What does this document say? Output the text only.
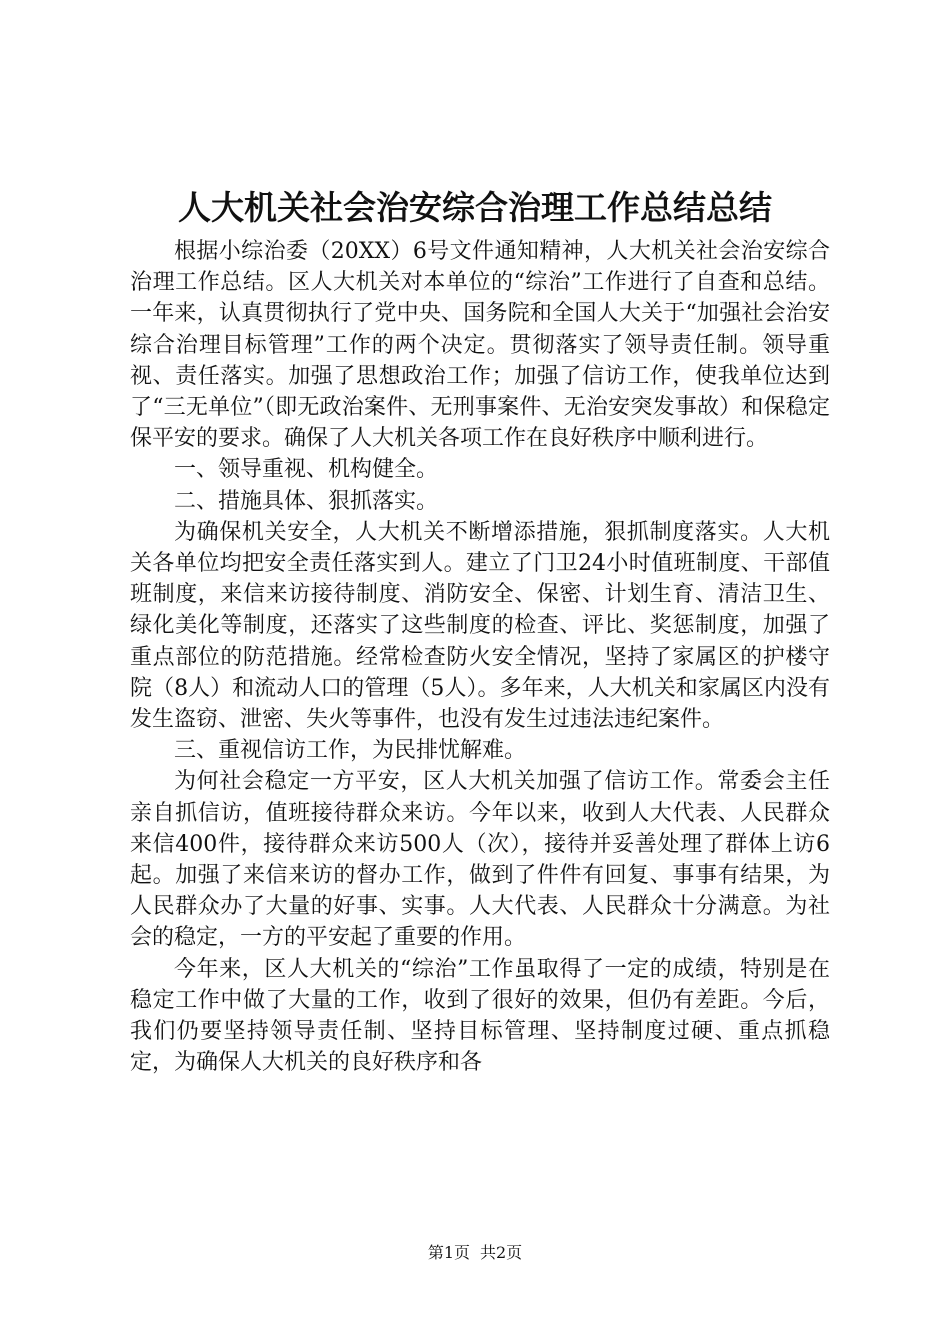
人大机关社会治安综合治理工作总结总结

根据小综治委（20XX）6号文件通知精神，人大机关社会治安综合治理工作总结。区人大机关对本单位的“综治”工作进行了自查和总结。一年来，认真贯彻执行了党中央、国务院和全国人大关于“加强社会治安综合治理目标管理”工作的两个决定。贯彻落实了领导责任制。领导重视、责任落实。加强了思想政治工作；加强了信访工作，使我单位达到了“三无单位”（即无政治案件、无刑事案件、无治安突发事故）和保稳定保平安的要求。确保了人大机关各项工作在良好秩序中顺利进行。

一、领导重视、机构健全。

二、措施具体、狠抓落实。

为确保机关安全，人大机关不断增添措施，狠抓制度落实。人大机关各单位均把安全责任落实到人。建立了门卫24小时值班制度、干部值班制度，来信来访接待制度、消防安全、保密、计划生育、清洁卫生、绿化美化等制度，还落实了这些制度的检查、评比、奖惩制度，加强了重点部位的防范措施。经常检查防火安全情况，坚持了家属区的护楼守院（8人）和流动人口的管理（5人）。多年来，人大机关和家属区内没有发生盗窃、泄密、失火等事件，也没有发生过违法违纪案件。

三、重视信访工作，为民排忧解难。

为何社会稳定一方平安，区人大机关加强了信访工作。常委会主任亲自抓信访，值班接待群众来访。今年以来，收到人大代表、人民群众来信400件，接待群众来访500人（次），接待并妥善处理了群体上访6起。加强了来信来访的督办工作，做到了件件有回复、事事有结果，为人民群众办了大量的好事、实事。人大代表、人民群众十分满意。为社会的稳定，一方的平安起了重要的作用。

今年来，区人大机关的“综治”工作虽取得了一定的成绩，特别是在稳定工作中做了大量的工作，收到了很好的效果，但仍有差距。今后，我们仍要坚持领导责任制、坚持目标管理、坚持制度过硬、重点抓稳定，为确保人大机关的良好秩序和各

第1页 共2页
